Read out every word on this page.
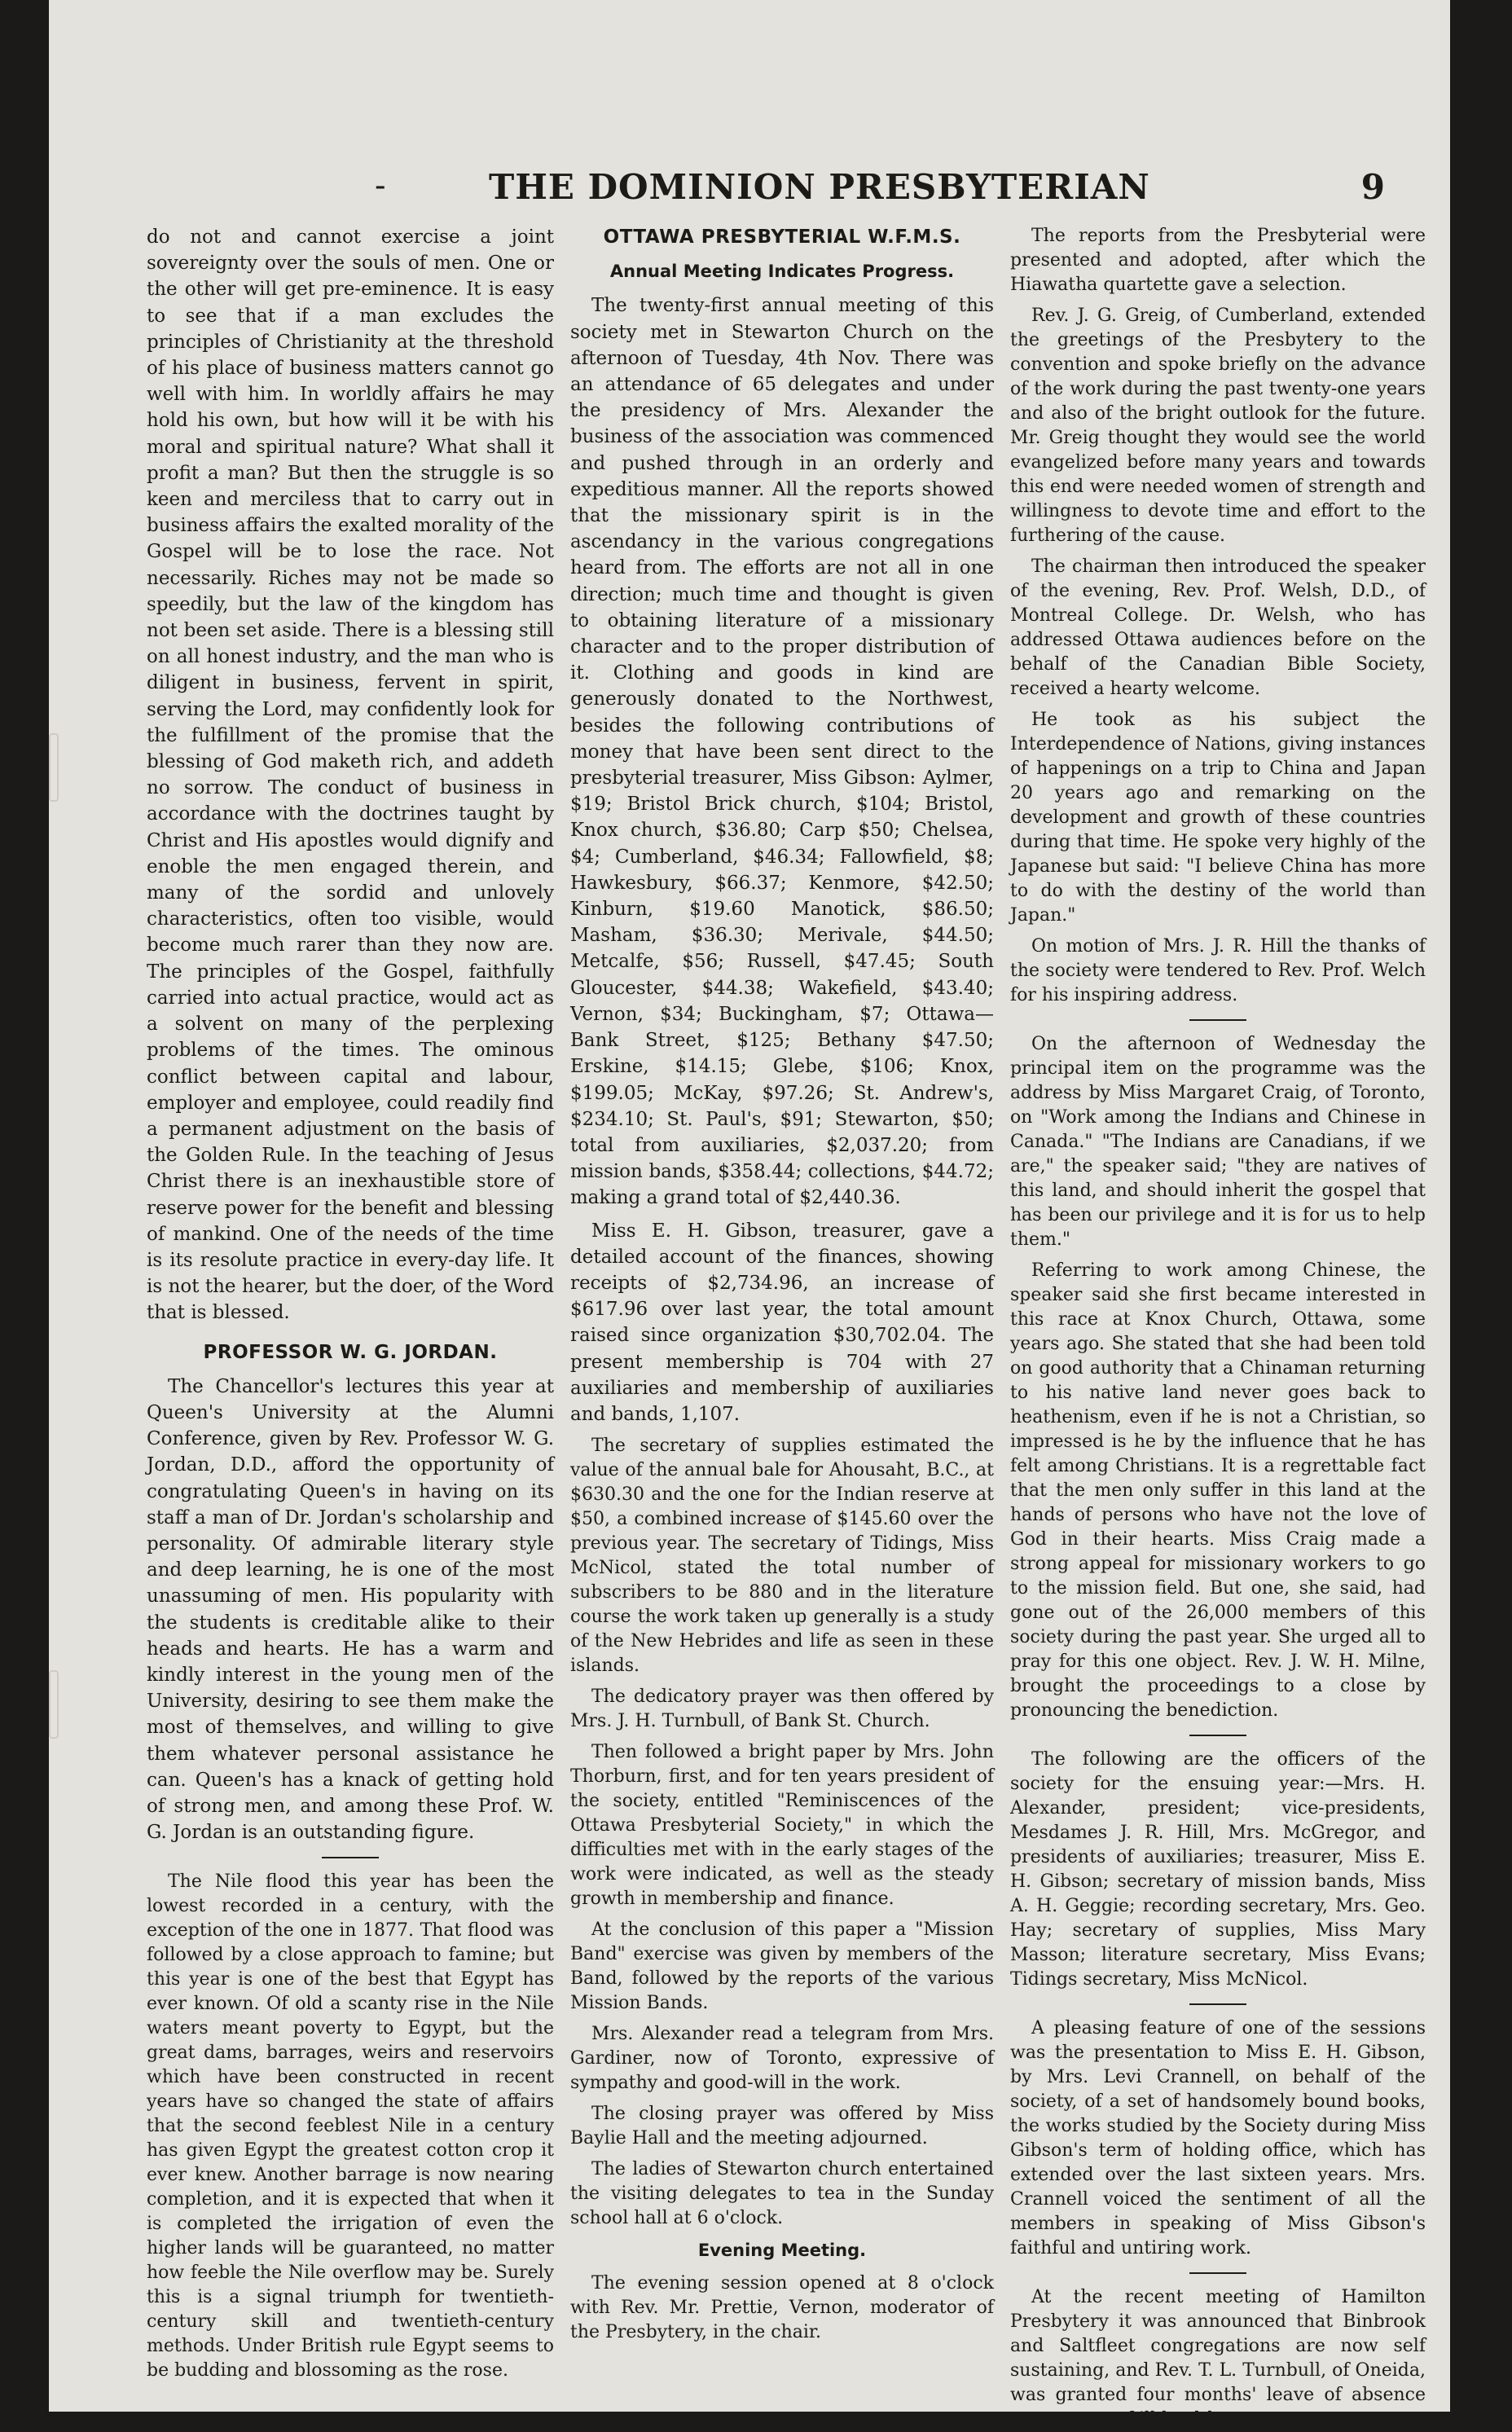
-	THE DOMINION PRESBYTERIAN	9

do not and cannot exercise a joint sovereignty over the souls of men. One or the other will get pre-eminence. It is easy to see that if a man excludes the principles of Christianity at the threshold of his place of business matters cannot go well with him. In worldly affairs he may hold his own, but how will it be with his moral and spiritual nature? What shall it profit a man? But then the struggle is so keen and merciless that to carry out in business affairs the exalted morality of the Gospel will be to lose the race. Not necessarily. Riches may not be made so speedily, but the law of the kingdom has not been set aside. There is a blessing still on all honest industry, and the man who is diligent in business, fervent in spirit, serving the Lord, may confidently look for the fulfillment of the promise that the blessing of God maketh rich, and addeth no sorrow. The conduct of business in accordance with the doctrines taught by Christ and His apostles would dignify and enoble the men engaged therein, and many of the sordid and unlovely characteristics, often too visible, would become much rarer than they now are. The principles of the Gospel, faithfully carried into actual practice, would act as a solvent on many of the perplexing problems of the times. The ominous conflict between capital and labour, employer and employee, could readily find a permanent adjustment on the basis of the Golden Rule. In the teaching of Jesus Christ there is an inexhaustible store of reserve power for the benefit and blessing of mankind. One of the needs of the time is its resolute practice in every-day life. It is not the hearer, but the doer, of the Word that is blessed.

PROFESSOR W. G. JORDAN.

The Chancellor's lectures this year at Queen's University at the Alumni Conference, given by Rev. Professor W. G. Jordan, D.D., afford the opportunity of congratulating Queen's in having on its staff a man of Dr. Jordan's scholarship and personality. Of admirable literary style and deep learning, he is one of the most unassuming of men. His popularity with the students is creditable alike to their heads and hearts. He has a warm and kindly interest in the young men of the University, desiring to see them make the most of themselves, and willing to give them whatever personal assistance he can. Queen's has a knack of getting hold of strong men, and among these Prof. W. G. Jordan is an outstanding figure.

The Nile flood this year has been the lowest recorded in a century, with the exception of the one in 1877. That flood was followed by a close approach to famine; but this year is one of the best that Egypt has ever known. Of old a scanty rise in the Nile waters meant poverty to Egypt, but the great dams, barrages, weirs and reservoirs which have been constructed in recent years have so changed the state of affairs that the second feeblest Nile in a century has given Egypt the greatest cotton crop it ever knew. Another barrage is now nearing completion, and it is expected that when it is completed the irrigation of even the higher lands will be guaranteed, no matter how feeble the Nile overflow may be. Surely this is a signal triumph for twentieth-century skill and twentieth-century methods. Under British rule Egypt seems to be budding and blossoming as the rose.

OTTAWA PRESBYTERIAL W.F.M.S.
Annual Meeting Indicates Progress.

The twenty-first annual meeting of this society met in Stewarton Church on the afternoon of Tuesday, 4th Nov. There was an attendance of 65 delegates and under the presidency of Mrs. Alexander the business of the association was commenced and pushed through in an orderly and expeditious manner. All the reports showed that the missionary spirit is in the ascendancy in the various congregations heard from. The efforts are not all in one direction; much time and thought is given to obtaining literature of a missionary character and to the proper distribution of it. Clothing and goods in kind are generously donated to the Northwest, besides the following contributions of money that have been sent direct to the presbyterial treasurer, Miss Gibson: Aylmer, $19; Bristol Brick church, $104; Bristol, Knox church, $36.80; Carp $50; Chelsea, $4; Cumberland, $46.34; Fallowfield, $8; Hawkesbury, $66.37; Kenmore, $42.50; Kinburn, $19.60 Manotick, $86.50; Masham, $36.30; Merivale, $44.50; Metcalfe, $56; Russell, $47.45; South Gloucester, $44.38; Wakefield, $43.40; Vernon, $34; Buckingham, $7; Ottawa—Bank Street, $125; Bethany $47.50; Erskine, $14.15; Glebe, $106; Knox, $199.05; McKay, $97.26; St. Andrew's, $234.10; St. Paul's, $91; Stewarton, $50; total from auxiliaries, $2,037.20; from mission bands, $358.44; collections, $44.72; making a grand total of $2,440.36.

Miss E. H. Gibson, treasurer, gave a detailed account of the finances, showing receipts of $2,734.96, an increase of $617.96 over last year, the total amount raised since organization $30,702.04. The present membership is 704 with 27 auxiliaries and membership of auxiliaries and bands, 1,107.

The secretary of supplies estimated the value of the annual bale for Ahousaht, B.C., at $630.30 and the one for the Indian reserve at $50, a combined increase of $145.60 over the previous year. The secretary of Tidings, Miss McNicol, stated the total number of subscribers to be 880 and in the literature course the work taken up generally is a study of the New Hebrides and life as seen in these islands.

The dedicatory prayer was then offered by Mrs. J. H. Turnbull, of Bank St. Church.

Then followed a bright paper by Mrs. John Thorburn, first, and for ten years president of the society, entitled "Reminiscences of the Ottawa Presbyterial Society," in which the difficulties met with in the early stages of the work were indicated, as well as the steady growth in membership and finance.

At the conclusion of this paper a "Mission Band" exercise was given by members of the Band, followed by the reports of the various Mission Bands.

Mrs. Alexander read a telegram from Mrs. Gardiner, now of Toronto, expressive of sympathy and good-will in the work.

The closing prayer was offered by Miss Baylie Hall and the meeting adjourned.

The ladies of Stewarton church entertained the visiting delegates to tea in the Sunday school hall at 6 o'clock.

Evening Meeting.

The evening session opened at 8 o'clock with Rev. Mr. Prettie, Vernon, moderator of the Presbytery, in the chair.

The reports from the Presbyterial were presented and adopted, after which the Hiawatha quartette gave a selection.

Rev. J. G. Greig, of Cumberland, extended the greetings of the Presbytery to the convention and spoke briefly on the advance of the work during the past twenty-one years and also of the bright outlook for the future. Mr. Greig thought they would see the world evangelized before many years and towards this end were needed women of strength and willingness to devote time and effort to the furthering of the cause.

The chairman then introduced the speaker of the evening, Rev. Prof. Welsh, D.D., of Montreal College. Dr. Welsh, who has addressed Ottawa audiences before on the behalf of the Canadian Bible Society, received a hearty welcome.

He took as his subject the Interdependence of Nations, giving instances of happenings on a trip to China and Japan 20 years ago and remarking on the development and growth of these countries during that time. He spoke very highly of the Japanese but said: "I believe China has more to do with the destiny of the world than Japan."

On motion of Mrs. J. R. Hill the thanks of the society were tendered to Rev. Prof. Welch for his inspiring address.

On the afternoon of Wednesday the principal item on the programme was the address by Miss Margaret Craig, of Toronto, on "Work among the Indians and Chinese in Canada." "The Indians are Canadians, if we are," the speaker said; "they are natives of this land, and should inherit the gospel that has been our privilege and it is for us to help them."

Referring to work among Chinese, the speaker said she first became interested in this race at Knox Church, Ottawa, some years ago. She stated that she had been told on good authority that a Chinaman returning to his native land never goes back to heathenism, even if he is not a Christian, so impressed is he by the influence that he has felt among Christians. It is a regrettable fact that the men only suffer in this land at the hands of persons who have not the love of God in their hearts. Miss Craig made a strong appeal for missionary workers to go to the mission field. But one, she said, had gone out of the 26,000 members of this society during the past year. She urged all to pray for this one object. Rev. J. W. H. Milne, brought the proceedings to a close by pronouncing the benediction.

The following are the officers of the society for the ensuing year:—Mrs. H. Alexander, president; vice-presidents, Mesdames J. R. Hill, Mrs. McGregor, and presidents of auxiliaries; treasurer, Miss E. H. Gibson; secretary of mission bands, Miss A. H. Geggie; recording secretary, Mrs. Geo. Hay; secretary of supplies, Miss Mary Masson; literature secretary, Miss Evans; Tidings secretary, Miss McNicol.

A pleasing feature of one of the sessions was the presentation to Miss E. H. Gibson, by Mrs. Levi Crannell, on behalf of the society, of a set of handsomely bound books, the works studied by the Society during Miss Gibson's term of holding office, which has extended over the last sixteen years. Mrs. Crannell voiced the sentiment of all the members in speaking of Miss Gibson's faithful and untiring work.

At the recent meeting of Hamilton Presbytery it was announced that Binbrook and Saltfleet congregations are now self sustaining, and Rev. T. L. Turnbull, of Oneida, was granted four months' leave of absence on account of ill health.
